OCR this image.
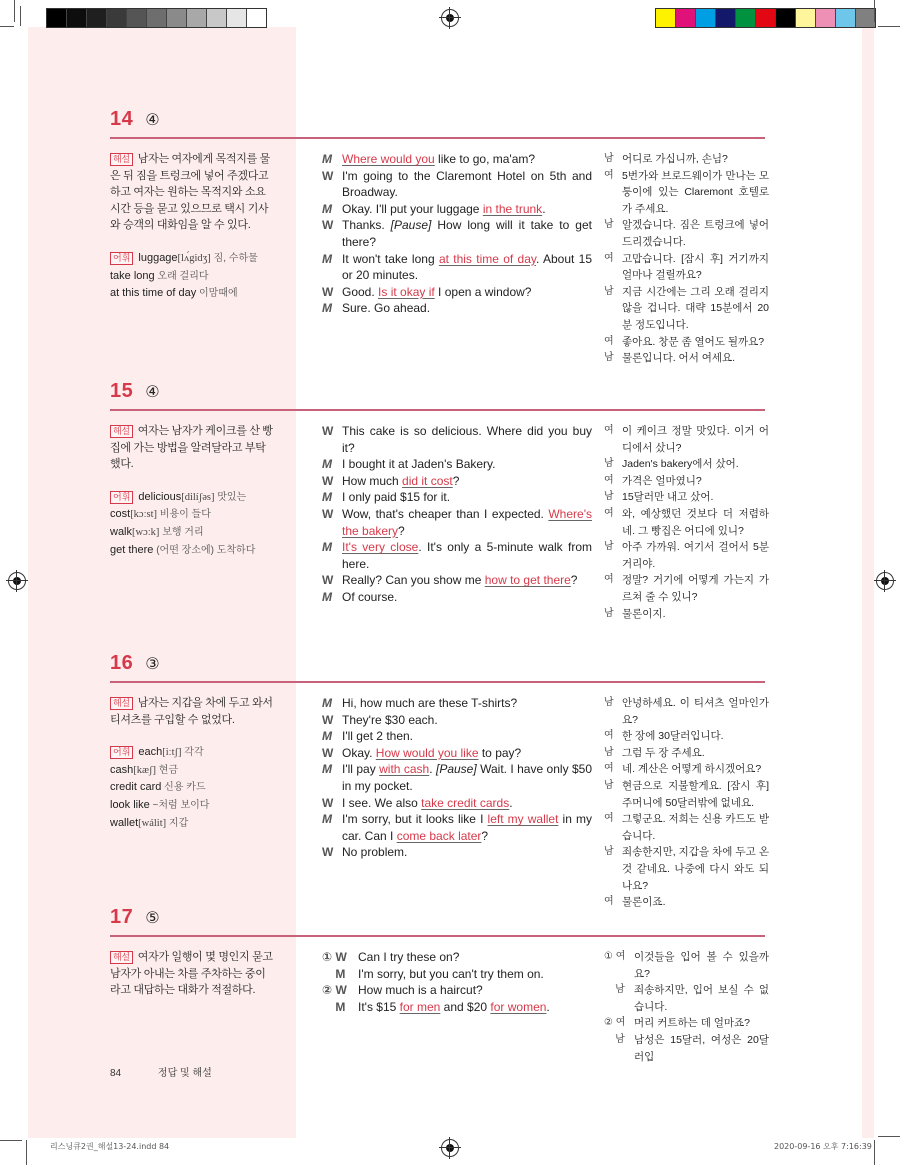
14 ④
해설 남자는 여자에게 목적지를 물은 뒤 짐을 트렁크에 넣어 주겠다고 하고 여자는 원하는 목적지와 소요 시간 등을 묻고 있으므로 택시 기사와 승객의 대화임을 알 수 있다.
어휘 luggage[lʌ́gidʒ] 짐, 수하물
take long 오래 걸리다
at this time of day 이맘때에
M Where would you like to go, ma'am?
W I'm going to the Claremont Hotel on 5th and Broadway.
M Okay. I'll put your luggage in the trunk.
W Thanks. [Pause] How long will it take to get there?
M It won't take long at this time of day. About 15 or 20 minutes.
W Good. Is it okay if I open a window?
M Sure. Go ahead.
남 어디로 가십니까, 손님?
여 5번가와 브로드웨이가 만나는 모퉁이에 있는 Claremont 호텔로 가 주세요.
남 알겠습니다. 짐은 트렁크에 넣어 드리겠습니다.
여 고맙습니다. [잠시 후] 거기까지 얼마나 걸릴까요?
남 지금 시간에는 그리 오래 걸리지 않을 겁니다. 대략 15분에서 20분 정도입니다.
여 좋아요. 창문 좀 열어도 될까요?
남 물론입니다. 어서 여세요.
15 ④
해설 여자는 남자가 케이크를 산 빵집에 가는 방법을 알려달라고 부탁했다.
어휘 delicious[dilíʃəs] 맛있는
cost[kɔːst] 비용이 들다
walk[wɔːk] 보행 거리
get there (어떤 장소에) 도착하다
W This cake is so delicious. Where did you buy it?
M I bought it at Jaden's Bakery.
W How much did it cost?
M I only paid $15 for it.
W Wow, that's cheaper than I expected. Where's the bakery?
M It's very close. It's only a 5-minute walk from here.
W Really? Can you show me how to get there?
M Of course.
여 이 케이크 정말 맛있다. 이거 어디에서 샀니?
남 Jaden's bakery에서 샀어.
여 가격은 얼마였니?
남 15달러만 내고 샀어.
여 와, 예상했던 것보다 더 저렴하네. 그 빵집은 어디에 있니?
남 아주 가까워. 여기서 걸어서 5분 거리야.
여 정말? 거기에 어떻게 가는지 가르쳐 줄 수 있니?
남 물론이지.
16 ③
해설 남자는 지갑을 차에 두고 와서 티셔츠를 구입할 수 없었다.
어휘 each[iːtʃ] 각각
cash[kæʃ] 현금
credit card 신용 카드
look like ~처럼 보이다
wallet[wálit] 지갑
M Hi, how much are these T-shirts?
W They're $30 each.
M I'll get 2 then.
W Okay. How would you like to pay?
M I'll pay with cash. [Pause] Wait. I have only $50 in my pocket.
W I see. We also take credit cards.
M I'm sorry, but it looks like I left my wallet in my car. Can I come back later?
W No problem.
남 안녕하세요. 이 티셔츠 얼마인가요?
여 한 장에 30달러입니다.
남 그럼 두 장 주세요.
여 네. 계산은 어떻게 하시겠어요?
남 현금으로 지불할게요. [잠시 후] 주머니에 50달러밖에 없네요.
여 그렇군요. 저희는 신용 카드도 받습니다.
남 죄송한지만, 지갑을 차에 두고 온 것 같네요. 나중에 다시 와도 되나요?
여 물론이죠.
17 ⑤
해설 여자가 일행이 몇 명인지 묻고 남자가 아내는 차를 주차하는 중이라고 대답하는 대화가 적절하다.
① W Can I try these on?
M	I'm sorry, but you can't try them on.
② W How much is a haircut?
M	It's $15 for men and $20 for women.
① 여 이것들을 입어 볼 수 있을까요?
남 죄송하지만, 입어 보실 수 없습니다.
② 여 머리 커트하는 데 얼마죠?
남 남성은 15달러, 여성은 20달러입
84	정답 및 해설
리스닝큐2권_해설13-24.indd 84	2020-09-16 오후 7:16:39
